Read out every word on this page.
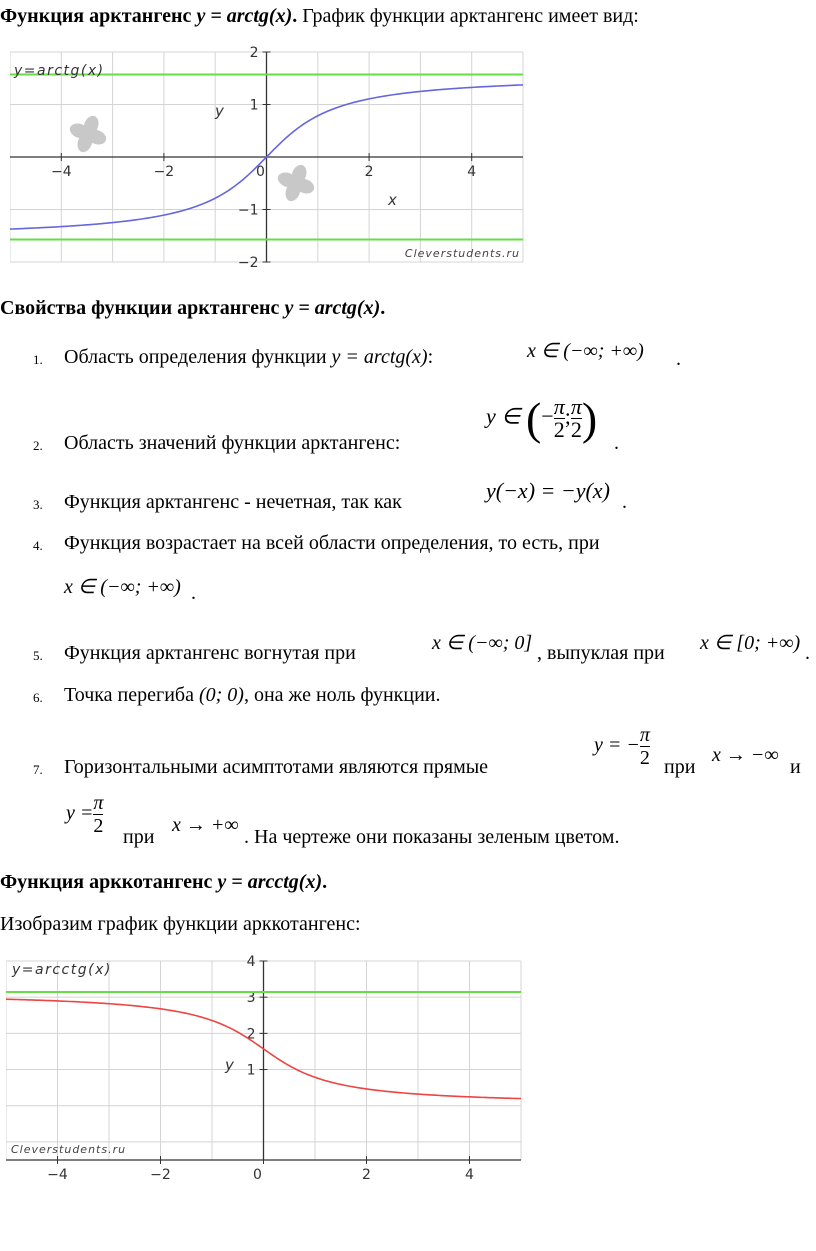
Функция арктангенс y = arctg(x). График функции арктангенс имеет вид:
−4	−2	0	2	4
2
1
−1
−2
y=arctg(x)
y
x
Cleverstudents.ru
Свойства функции арктангенс y = arctg(x).
1. Область определения функции y = arctg(x):	x ∈ (−∞; +∞) .
2. Область значений функции арктангенс:
y ∈ (− $\frac{\pi}{2}$ ; $\frac{\pi}{2}$ ) .
3. Функция арктангенс - нечетная, так как	y(−x) = −y(x) .
4. Функция возрастает на всей области определения, то есть, при
x ∈ (−∞; +∞) .
5. Функция арктангенс вогнутая при	x ∈ (−∞; 0] , выпуклая при x ∈ [0; +∞) .
6. Точка перегиба (0; 0), она же ноль функции.
7. Горизонтальными асимптотами являются прямые
y = − $\frac{\pi}{2}$ при
x → −∞
и
$y = \frac{\pi}{2}$ при
x → +∞
. На чертеже они показаны зеленым цветом.
Функция арккотангенс y = arcctg(x).
Изобразим график функции арккотангенс:
−4	−2	0	2	4
4
3
2
1
y=arcctg(x)
y
Cleverstudents.ru
